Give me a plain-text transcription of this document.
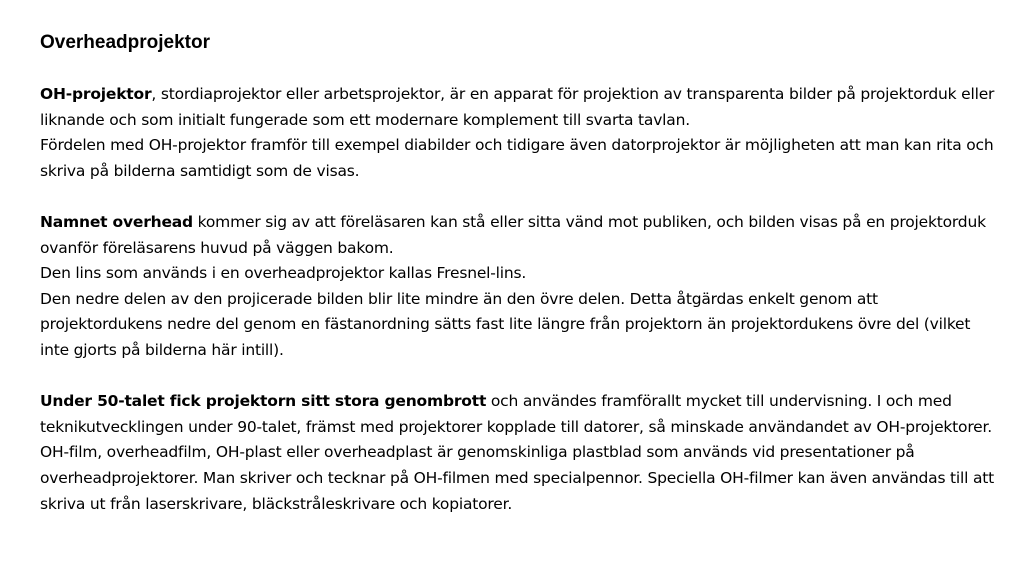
Overheadprojektor

OH-projektor, stordiaprojektor eller arbetsprojektor, är en apparat för projektion av transparenta bilder på projektorduk eller liknande och som initialt fungerade som ett modernare komplement till svarta tavlan.

Fördelen med OH-projektor framför till exempel diabilder och tidigare även datorprojektor är möjligheten att man kan rita och skriva på bilderna samtidigt som de visas.

Namnet overhead kommer sig av att föreläsaren kan stå eller sitta vänd mot publiken, och bilden visas på en projektorduk ovanför föreläsarens huvud på väggen bakom.

Den lins som används i en overheadprojektor kallas Fresnel-lins.

Den nedre delen av den projicerade bilden blir lite mindre än den övre delen. Detta åtgärdas enkelt genom att projektordukens nedre del genom en fästanordning sätts fast lite längre från projektorn än projektordukens övre del (vilket inte gjorts på bilderna här intill).

Under 50-talet fick projektorn sitt stora genombrott och användes framförallt mycket till undervisning. I och med teknikutvecklingen under 90-talet, främst med projektorer kopplade till datorer, så minskade användandet av OH-projektorer.

OH-film, overheadfilm, OH-plast eller overheadplast är genomskinliga plastblad som används vid presentationer på overheadprojektorer. Man skriver och tecknar på OH-filmen med specialpennor. Speciella OH-filmer kan även användas till att skriva ut från laserskrivare, bläckstråleskrivare och kopiatorer.
